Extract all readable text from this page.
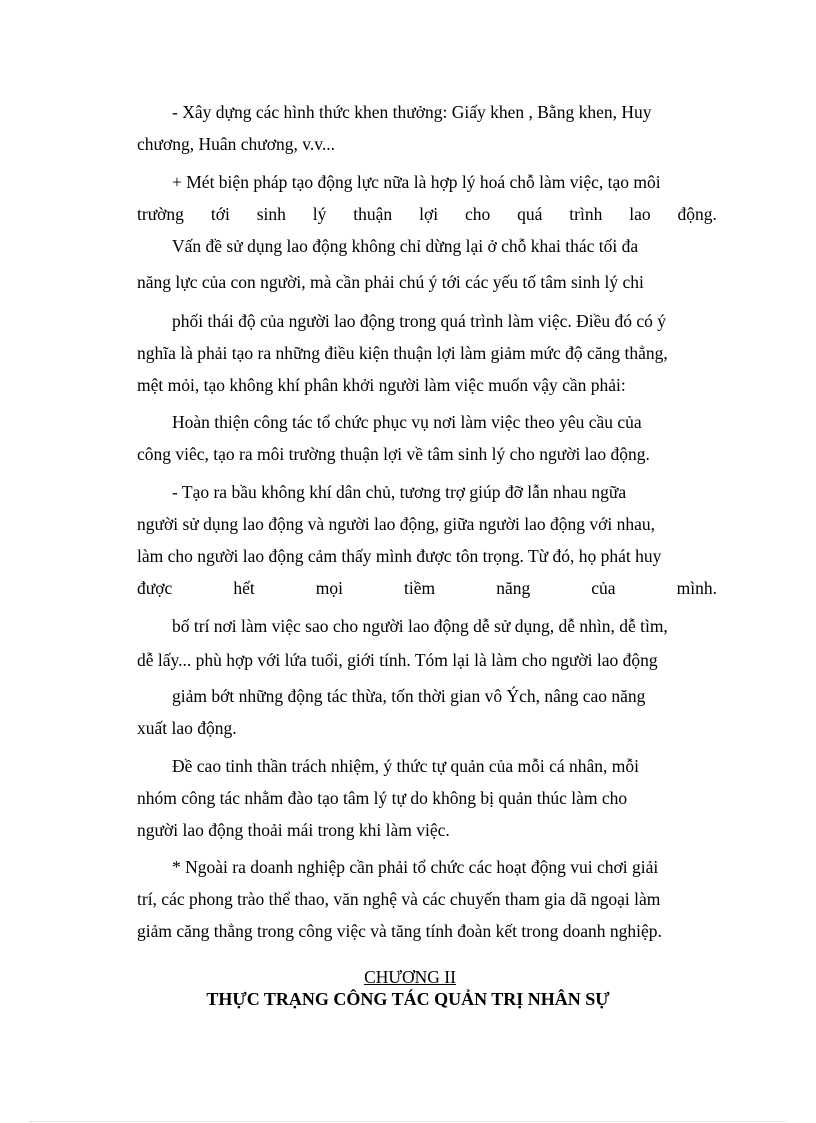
- Xây dựng các hình thức khen thưởng: Giấy khen , Bằng khen, Huy

chương, Huân chương, v.v...

+ Mét biện pháp tạo động lực nữa là hợp lý hoá chỗ làm việc, tạo môi

trường tới sinh lý thuận lợi cho quá trình lao động.

Vấn đề sử dụng lao động không chỉ dừng lại ở chỗ khai thác tối đa

năng lực của con người, mà cần phải chú ý tới các yếu tố tâm sinh lý chi

phối thái độ của người lao động trong quá trình làm việc. Điều đó có ý

nghĩa là phải tạo ra những điều kiện thuận lợi làm giảm mức độ căng thẳng,

mệt mỏi, tạo không khí phân khởi người làm việc muốn vậy cần phải:

Hoàn thiện công tác tổ chức phục vụ nơi làm việc theo yêu cầu của

công viêc, tạo ra môi trường thuận lợi về tâm sinh lý cho người lao động.

- Tạo ra bầu không khí dân chủ, tương trợ giúp đỡ lẫn nhau ngữa

người sử dụng lao động và người lao động, giữa người lao động với nhau,

làm cho người lao động cảm thấy mình được tôn trọng. Từ đó, họ phát huy

được	hết	mọi	tiềm	năng	của	mình.

bố trí nơi làm việc sao cho người lao động dễ sử dụng, dễ nhìn, dễ tìm,

dễ lấy... phù hợp với lứa tuổi, giới tính. Tóm lại là làm cho người lao động

giảm bớt những động tác thừa, tốn thời gian vô Ých, nâng cao năng

xuất lao động.

Đề cao tinh thần trách nhiệm, ý thức tự quản của mỗi cá nhân, mỗi

nhóm công tác nhằm đào tạo tâm lý tự do không bị quản thúc làm cho

người lao động thoải mái trong khi làm việc.

* Ngoài ra doanh nghiệp cần phải tổ chức các hoạt động vui chơi giải

trí, các phong trào thể thao, văn nghệ và các chuyến tham gia dã ngoại làm

giảm căng thẳng trong công việc và tăng tính đoàn kết trong doanh nghiệp.

CHƯƠNG II

THỰC TRẠNG CÔNG TÁC QUẢN TRỊ NHÂN SỰ
